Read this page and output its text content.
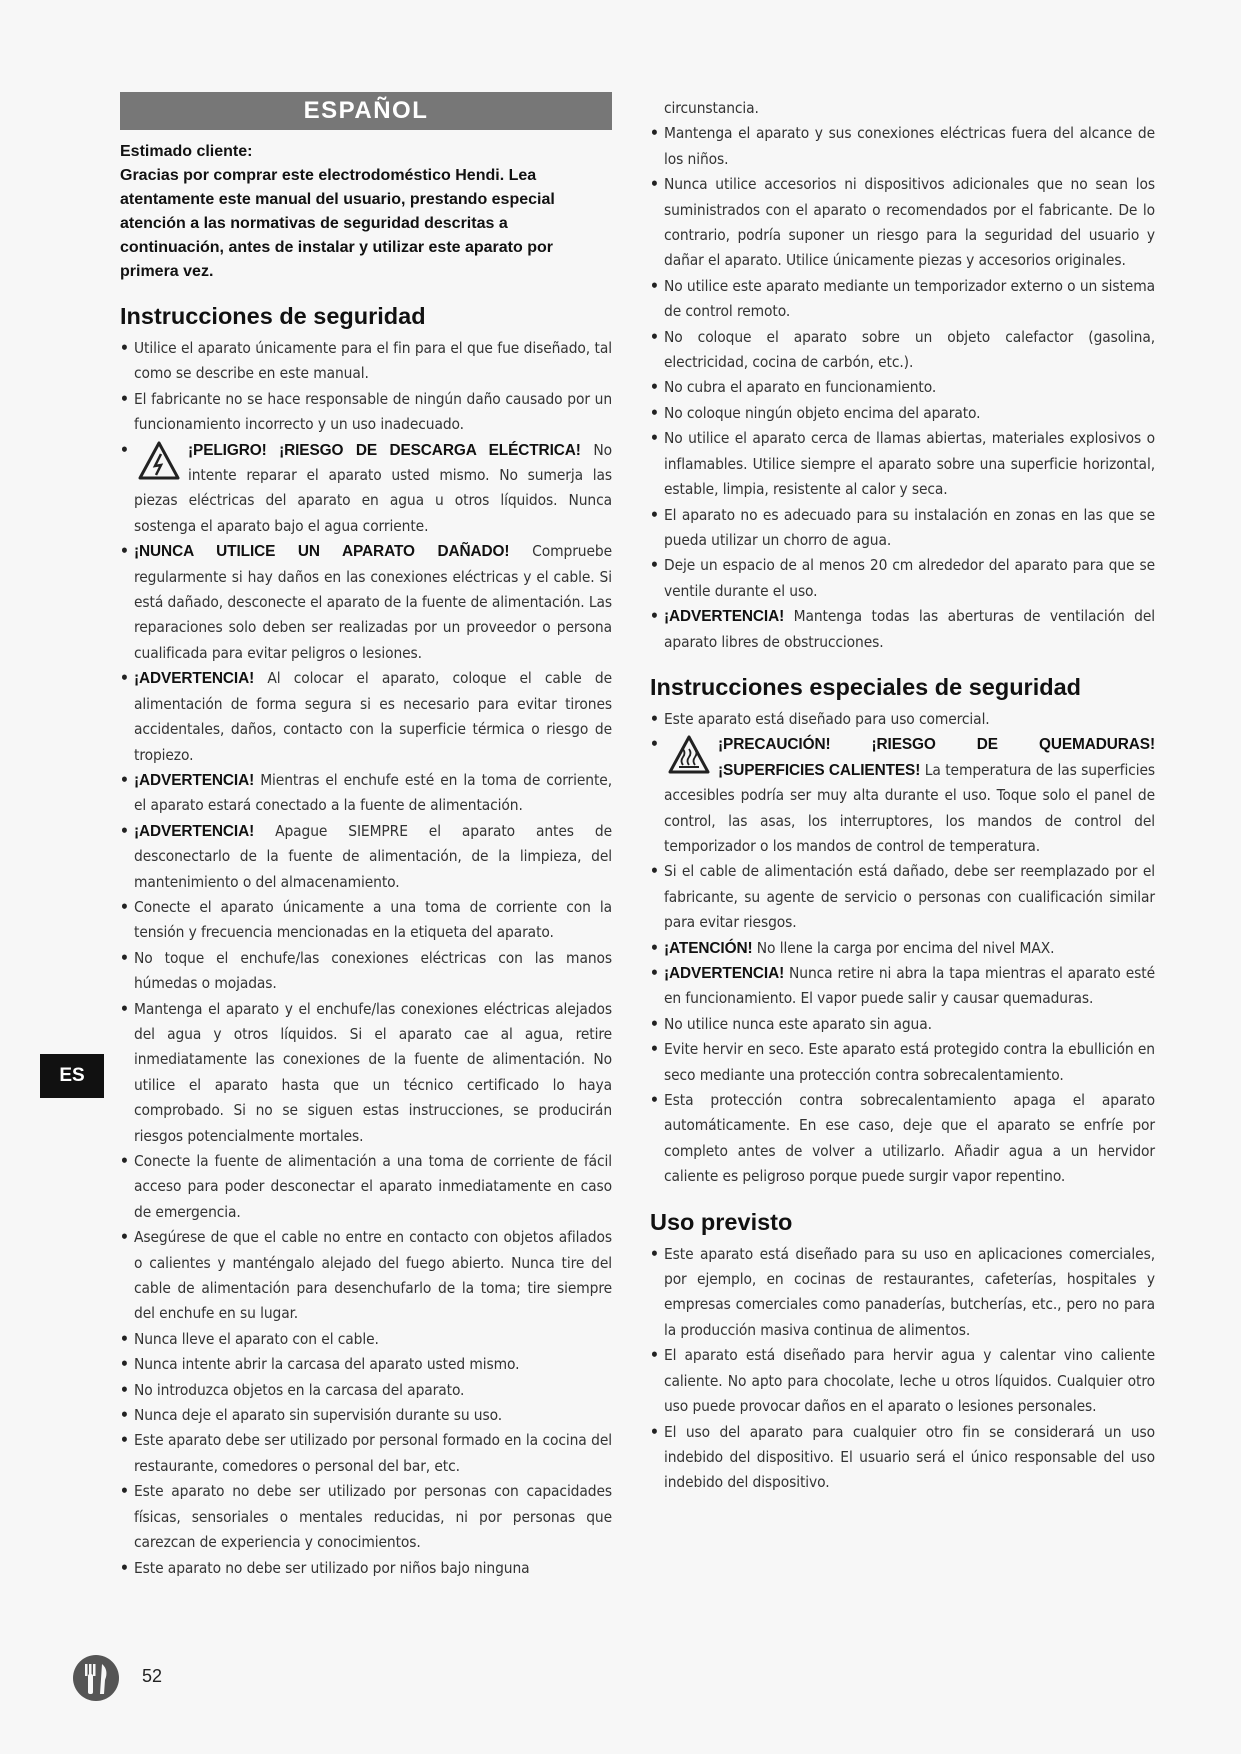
ESPAÑOL

Estimado cliente:

Gracias por comprar este electrodoméstico Hendi. Lea atentamente este manual del usuario, prestando especial atención a las normativas de seguridad descritas a continuación, antes de instalar y utilizar este aparato por primera vez.

Instrucciones de seguridad
• Utilice el aparato únicamente para el fin para el que fue diseñado, tal como se describe en este manual.
• El fabricante no se hace responsable de ningún daño causado por un funcionamiento incorrecto y un uso inadecuado.
• ¡PELIGRO! ¡RIESGO DE DESCARGA ELÉCTRICA! No intente reparar el aparato usted mismo. No sumerja las piezas eléctricas del aparato en agua u otros líquidos. Nunca sostenga el aparato bajo el agua corriente.
• ¡NUNCA UTILICE UN APARATO DAÑADO! Compruebe regularmente si hay daños en las conexiones eléctricas y el cable. Si está dañado, desconecte el aparato de la fuente de alimentación. Las reparaciones solo deben ser realizadas por un proveedor o persona cualificada para evitar peligros o lesiones.
• ¡ADVERTENCIA! Al colocar el aparato, coloque el cable de alimentación de forma segura si es necesario para evitar tirones accidentales, daños, contacto con la superficie térmica o riesgo de tropiezo.
• ¡ADVERTENCIA! Mientras el enchufe esté en la toma de corriente, el aparato estará conectado a la fuente de alimentación.
• ¡ADVERTENCIA! Apague SIEMPRE el aparato antes de desconectarlo de la fuente de alimentación, de la limpieza, del mantenimiento o del almacenamiento.
• Conecte el aparato únicamente a una toma de corriente con la tensión y frecuencia mencionadas en la etiqueta del aparato.
• No toque el enchufe/las conexiones eléctricas con las manos húmedas o mojadas.
• Mantenga el aparato y el enchufe/las conexiones eléctricas alejados del agua y otros líquidos. Si el aparato cae al agua, retire inmediatamente las conexiones de la fuente de alimentación. No utilice el aparato hasta que un técnico certificado lo haya comprobado. Si no se siguen estas instrucciones, se producirán riesgos potencialmente mortales.
• Conecte la fuente de alimentación a una toma de corriente de fácil acceso para poder desconectar el aparato inmediatamente en caso de emergencia.
• Asegúrese de que el cable no entre en contacto con objetos afilados o calientes y manténgalo alejado del fuego abierto. Nunca tire del cable de alimentación para desenchufarlo de la toma; tire siempre del enchufe en su lugar.
• Nunca lleve el aparato con el cable.
• Nunca intente abrir la carcasa del aparato usted mismo.
• No introduzca objetos en la carcasa del aparato.
• Nunca deje el aparato sin supervisión durante su uso.
• Este aparato debe ser utilizado por personal formado en la cocina del restaurante, comedores o personal del bar, etc.
• Este aparato no debe ser utilizado por personas con capacidades físicas, sensoriales o mentales reducidas, ni por personas que carezcan de experiencia y conocimientos.
• Este aparato no debe ser utilizado por niños bajo ninguna
circunstancia.
• Mantenga el aparato y sus conexiones eléctricas fuera del alcance de los niños.
• Nunca utilice accesorios ni dispositivos adicionales que no sean los suministrados con el aparato o recomendados por el fabricante. De lo contrario, podría suponer un riesgo para la seguridad del usuario y dañar el aparato. Utilice únicamente piezas y accesorios originales.
• No utilice este aparato mediante un temporizador externo o un sistema de control remoto.
• No coloque el aparato sobre un objeto calefactor (gasolina, electricidad, cocina de carbón, etc.).
• No cubra el aparato en funcionamiento.
• No coloque ningún objeto encima del aparato.
• No utilice el aparato cerca de llamas abiertas, materiales explosivos o inflamables. Utilice siempre el aparato sobre una superficie horizontal, estable, limpia, resistente al calor y seca.
• El aparato no es adecuado para su instalación en zonas en las que se pueda utilizar un chorro de agua.
• Deje un espacio de al menos 20 cm alrededor del aparato para que se ventile durante el uso.
• ¡ADVERTENCIA! Mantenga todas las aberturas de ventilación del aparato libres de obstrucciones.
Instrucciones especiales de seguridad
• Este aparato está diseñado para uso comercial.
• ¡PRECAUCIÓN! ¡RIESGO DE QUEMADURAS! ¡SUPERFICIES CALIENTES! La temperatura de las superficies accesibles podría ser muy alta durante el uso. Toque solo el panel de control, las asas, los interruptores, los mandos de control del temporizador o los mandos de control de temperatura.
• Si el cable de alimentación está dañado, debe ser reemplazado por el fabricante, su agente de servicio o personas con cualificación similar para evitar riesgos.
• ¡ATENCIÓN! No llene la carga por encima del nivel MAX.
• ¡ADVERTENCIA! Nunca retire ni abra la tapa mientras el aparato esté en funcionamiento. El vapor puede salir y causar quemaduras.
• No utilice nunca este aparato sin agua.
• Evite hervir en seco. Este aparato está protegido contra la ebullición en seco mediante una protección contra sobrecalentamiento.
• Esta protección contra sobrecalentamiento apaga el aparato automáticamente. En ese caso, deje que el aparato se enfríe por completo antes de volver a utilizarlo. Añadir agua a un hervidor caliente es peligroso porque puede surgir vapor repentino.
Uso previsto
• Este aparato está diseñado para su uso en aplicaciones comerciales, por ejemplo, en cocinas de restaurantes, cafeterías, hospitales y empresas comerciales como panaderías, butcherías, etc., pero no para la producción masiva continua de alimentos.
• El aparato está diseñado para hervir agua y calentar vino caliente caliente. No apto para chocolate, leche u otros líquidos. Cualquier otro uso puede provocar daños en el aparato o lesiones personales.
• El uso del aparato para cualquier otro fin se considerará un uso indebido del dispositivo. El usuario será el único responsable del uso indebido del dispositivo.
ES
52
